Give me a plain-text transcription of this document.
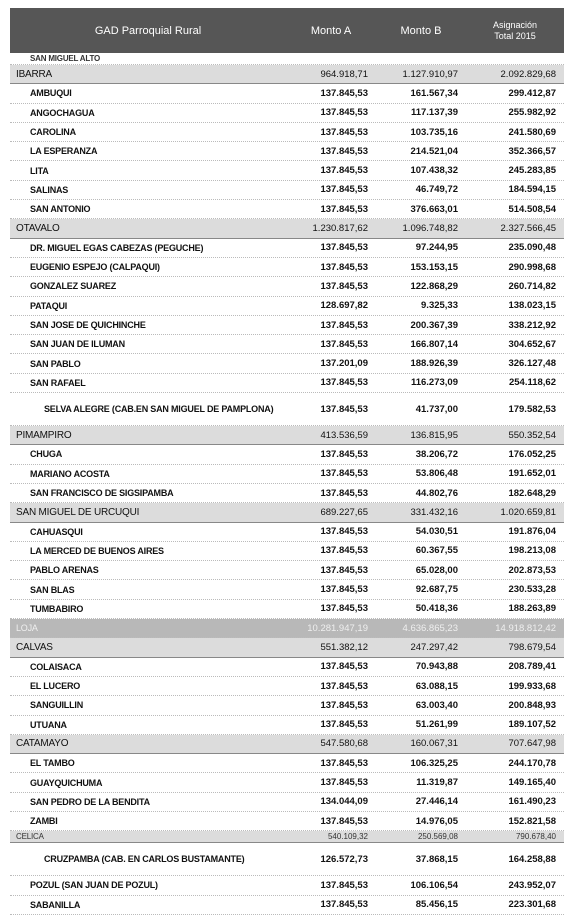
GAD Parroquial Rural	Monto A	Monto B	Asignación
Total 2015
SAN MIGUEL ALTO
IBARRA	964.918,71	1.127.910,97	2.092.829,68
AMBUQUI	137.845,53	161.567,34	299.412,87
ANGOCHAGUA	137.845,53	117.137,39	255.982,92
CAROLINA	137.845,53	103.735,16	241.580,69
LA ESPERANZA	137.845,53	214.521,04	352.366,57
LITA	137.845,53	107.438,32	245.283,85
SALINAS	137.845,53	46.749,72	184.594,15
SAN ANTONIO	137.845,53	376.663,01	514.508,54
OTAVALO	1.230.817,62	1.096.748,82	2.327.566,45
DR. MIGUEL EGAS CABEZAS (PEGUCHE)	137.845,53	97.244,95	235.090,48
EUGENIO ESPEJO (CALPAQUI)	137.845,53	153.153,15	290.998,68
GONZALEZ SUAREZ	137.845,53	122.868,29	260.714,82
PATAQUI	128.697,82	9.325,33	138.023,15
SAN JOSE DE QUICHINCHE	137.845,53	200.367,39	338.212,92
SAN JUAN DE ILUMAN	137.845,53	166.807,14	304.652,67
SAN PABLO	137.201,09	188.926,39	326.127,48
SAN RAFAEL	137.845,53	116.273,09	254.118,62
SELVA ALEGRE (CAB.EN SAN MIGUEL DE PAMPLONA)	137.845,53	41.737,00	179.582,53
PIMAMPIRO	413.536,59	136.815,95	550.352,54
CHUGA	137.845,53	38.206,72	176.052,25
MARIANO ACOSTA	137.845,53	53.806,48	191.652,01
SAN FRANCISCO DE SIGSIPAMBA	137.845,53	44.802,76	182.648,29
SAN MIGUEL DE URCUQUI	689.227,65	331.432,16	1.020.659,81
CAHUASQUI	137.845,53	54.030,51	191.876,04
LA MERCED DE BUENOS AIRES	137.845,53	60.367,55	198.213,08
PABLO ARENAS	137.845,53	65.028,00	202.873,53
SAN BLAS	137.845,53	92.687,75	230.533,28
TUMBABIRO	137.845,53	50.418,36	188.263,89
LOJA	10.281.947,19	4.636.865,23	14.918.812,42
CALVAS	551.382,12	247.297,42	798.679,54
COLAISACA	137.845,53	70.943,88	208.789,41
EL LUCERO	137.845,53	63.088,15	199.933,68
SANGUILLIN	137.845,53	63.003,40	200.848,93
UTUANA	137.845,53	51.261,99	189.107,52
CATAMAYO	547.580,68	160.067,31	707.647,98
EL TAMBO	137.845,53	106.325,25	244.170,78
GUAYQUICHUMA	137.845,53	11.319,87	149.165,40
SAN PEDRO DE LA BENDITA	134.044,09	27.446,14	161.490,23
ZAMBI	137.845,53	14.976,05	152.821,58
CELICA	540.109,32	250.569,08	790.678,40
CRUZPAMBA (CAB. EN CARLOS BUSTAMANTE)	126.572,73	37.868,15	164.258,88
POZUL (SAN JUAN DE POZUL)	137.845,53	106.106,54	243.952,07
SABANILLA	137.845,53	85.456,15	223.301,68
